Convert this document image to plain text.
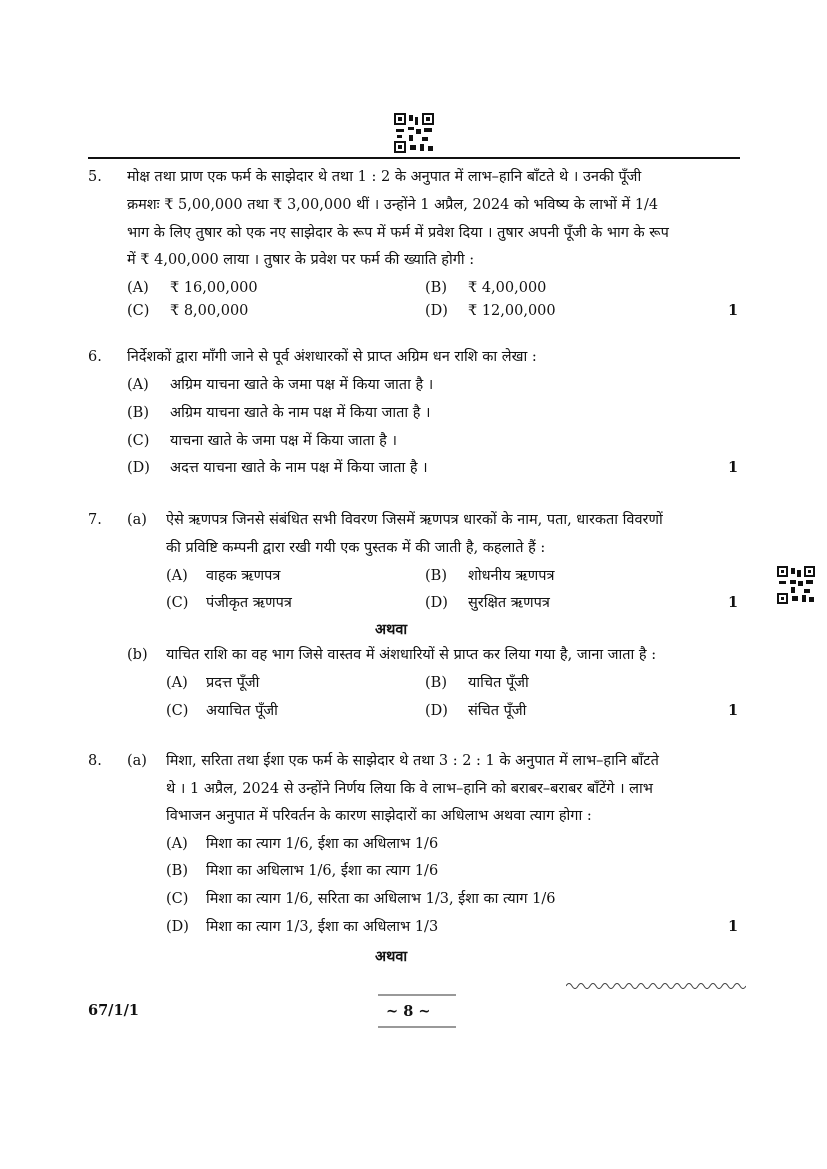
5. मोक्ष तथा प्राण एक फर्म के साझेदार थे तथा 1 : 2 के अनुपात में लाभ–हानि बाँटते थे । उनकी पूँजी
क्रमशः ₹ 5,00,000 तथा ₹ 3,00,000 थीं । उन्होंने 1 अप्रैल, 2024 को भविष्य के लाभों में 1/4
भाग के लिए तुषार को एक नए साझेदार के रूप में फर्म में प्रवेश दिया । तुषार अपनी पूँजी के भाग के रूप
में ₹ 4,00,000 लाया । तुषार के प्रवेश पर फर्म की ख्याति होगी :
(A) ₹ 16,00,000	(B) ₹ 4,00,000
(C) ₹ 8,00,000	(D) ₹ 12,00,000	1
6. निर्देशकों द्वारा माँगी जाने से पूर्व अंशधारकों से प्राप्त अग्रिम धन राशि का लेखा :
(A) अग्रिम याचना खाते के जमा पक्ष में किया जाता है ।
(B) अग्रिम याचना खाते के नाम पक्ष में किया जाता है ।
(C) याचना खाते के जमा पक्ष में किया जाता है ।
(D) अदत्त याचना खाते के नाम पक्ष में किया जाता है ।	1
7. (a) ऐसे ऋणपत्र जिनसे संबंधित सभी विवरण जिसमें ऋणपत्र धारकों के नाम, पता, धारकता विवरणों
की प्रविष्टि कम्पनी द्वारा रखी गयी एक पुस्तक में की जाती है, कहलाते हैं :
(A) वाहक ऋणपत्र	(B) शोधनीय ऋणपत्र
(C) पंजीकृत ऋणपत्र	(D) सुरक्षित ऋणपत्र	1
अथवा
(b) याचित राशि का वह भाग जिसे वास्तव में अंशधारियों से प्राप्त कर लिया गया है, जाना जाता है :
(A) प्रदत्त पूँजी	(B) याचित पूँजी
(C) अयाचित पूँजी	(D) संचित पूँजी	1
8. (a) मिशा, सरिता तथा ईशा एक फर्म के साझेदार थे तथा 3 : 2 : 1 के अनुपात में लाभ–हानि बाँटते
थे । 1 अप्रैल, 2024 से उन्होंने निर्णय लिया कि वे लाभ–हानि को बराबर–बराबर बाँटेंगे । लाभ
विभाजन अनुपात में परिवर्तन के कारण साझेदारों का अधिलाभ अथवा त्याग होगा :
(A) मिशा का त्याग 1/6, ईशा का अधिलाभ 1/6
(B) मिशा का अधिलाभ 1/6, ईशा का त्याग 1/6
(C) मिशा का त्याग 1/6, सरिता का अधिलाभ 1/3, ईशा का त्याग 1/6
(D) मिशा का त्याग 1/3, ईशा का अधिलाभ 1/3	1
अथवा
67/1/1	~ 8 ~
